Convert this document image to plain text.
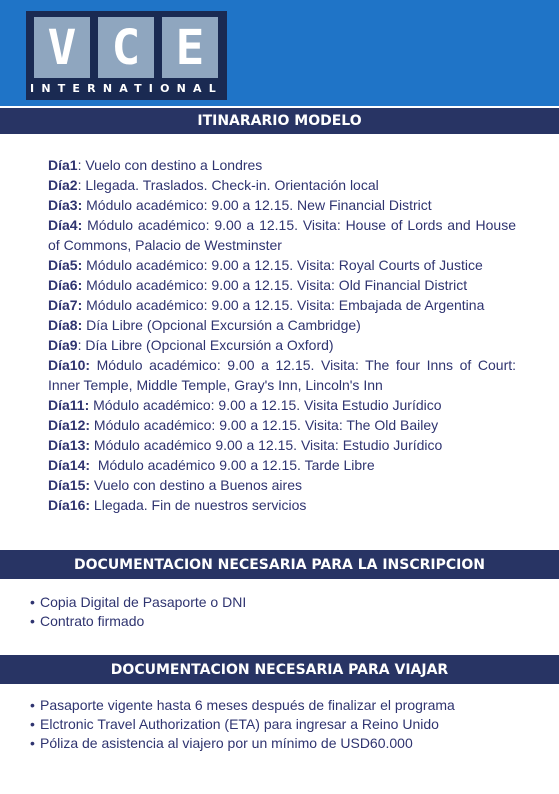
V C E
INTERNATIONAL
ITINARARIO MODELO
Día1: Vuelo con destino a Londres
Día2: Llegada. Traslados. Check-in. Orientación local
Día3: Módulo académico: 9.00 a 12.15. New Financial District
Día4: Módulo académico: 9.00 a 12.15. Visita: House of Lords and House of Commons, Palacio de Westminster
Día5: Módulo académico: 9.00 a 12.15. Visita: Royal Courts of Justice
Día6: Módulo académico: 9.00 a 12.15. Visita: Old Financial District
Día7: Módulo académico: 9.00 a 12.15. Visita: Embajada de Argentina
Día8: Día Libre (Opcional Excursión a Cambridge)
Día9: Día Libre (Opcional Excursión a Oxford)
Día10: Módulo académico: 9.00 a 12.15. Visita: The four Inns of Court: Inner Temple, Middle Temple, Gray's Inn, Lincoln's Inn
Día11: Módulo académico: 9.00 a 12.15. Visita Estudio Jurídico
Día12: Módulo académico: 9.00 a 12.15. Visita: The Old Bailey
Día13: Módulo académico 9.00 a 12.15. Visita: Estudio Jurídico
Día14: Módulo académico 9.00 a 12.15. Tarde Libre
Día15: Vuelo con destino a Buenos aires
Día16: Llegada. Fin de nuestros servicios
DOCUMENTACION NECESARIA PARA LA INSCRIPCION
• Copia Digital de Pasaporte o DNI
• Contrato firmado
DOCUMENTACION NECESARIA PARA VIAJAR
• Pasaporte vigente hasta 6 meses después de finalizar el programa
• Elctronic Travel Authorization (ETA) para ingresar a Reino Unido
• Póliza de asistencia al viajero por un mínimo de USD60.000
